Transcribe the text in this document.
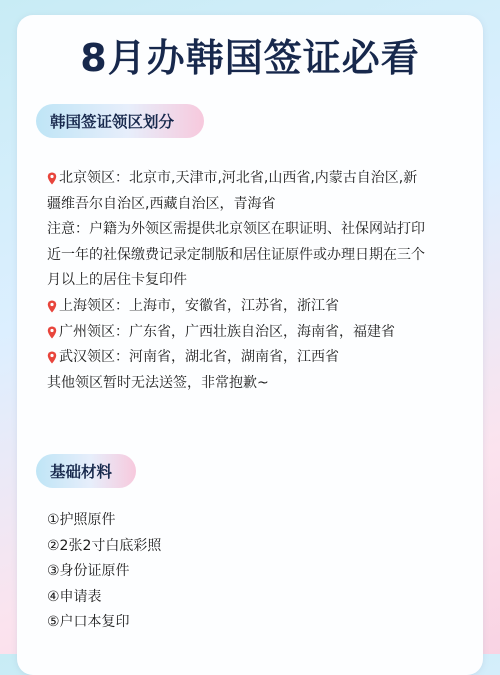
8月办韩国签证必看
韩国签证领区划分
北京领区：北京市,天津市,河北省,山西省,内蒙古自治区,新
疆维吾尔自治区,西藏自治区，青海省
注意：户籍为外领区需提供北京领区在职证明、社保网站打印
近一年的社保缴费记录定制版和居住证原件或办理日期在三个
月以上的居住卡复印件
上海领区：上海市，安徽省，江苏省，浙江省
广州领区：广东省，广西壮族自治区，海南省，福建省
武汉领区：河南省，湖北省，湖南省，江西省
其他领区暂时无法送签，非常抱歉~
基础材料
①护照原件
②2张2寸白底彩照
③身份证原件
④申请表
⑤户口本复印
